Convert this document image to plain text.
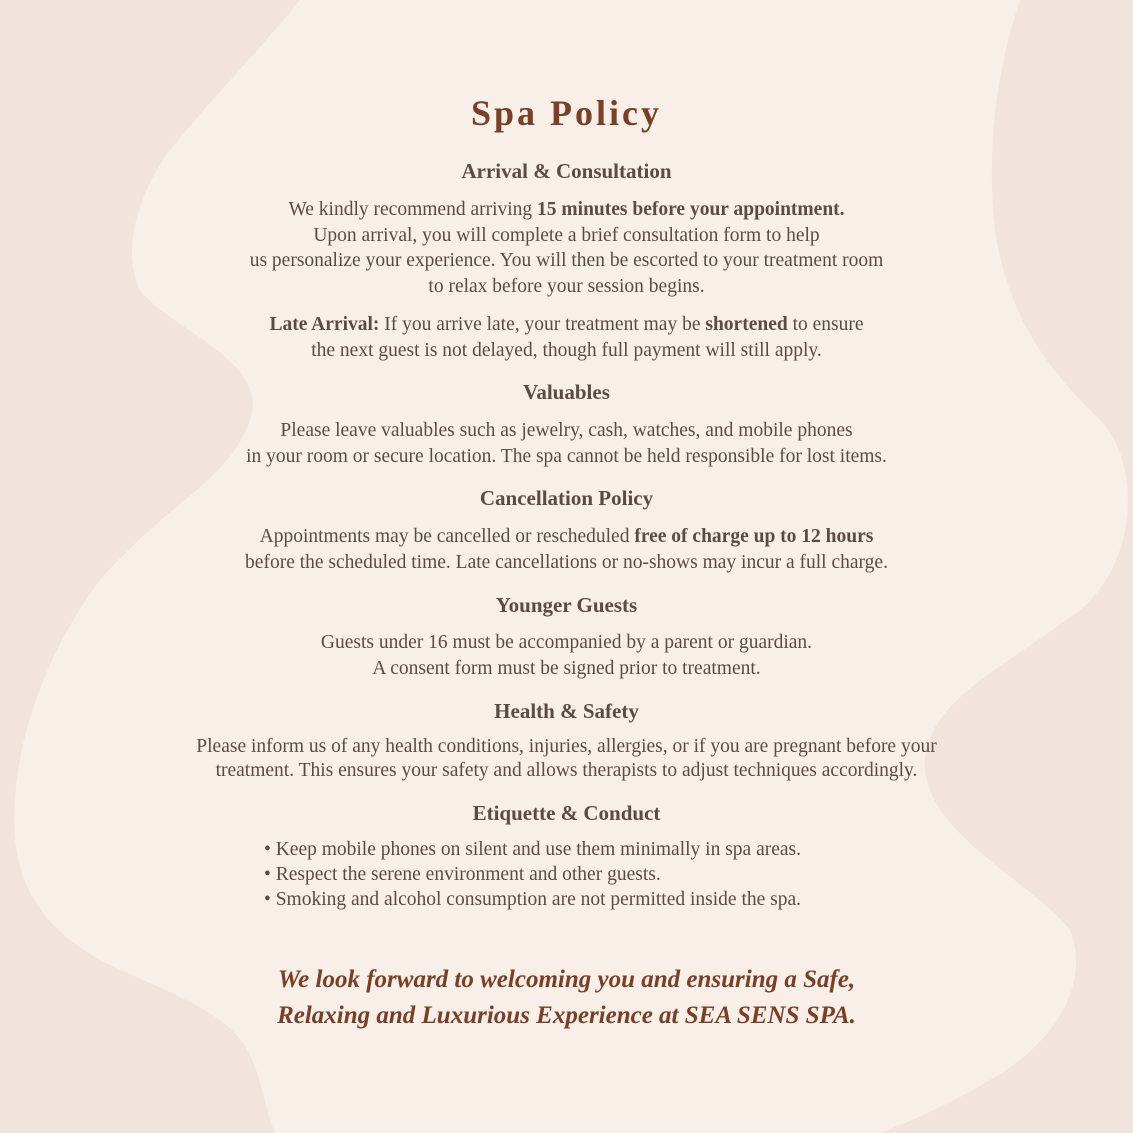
Spa Policy
Arrival & Consultation
We kindly recommend arriving 15 minutes before your appointment.
Upon arrival, you will complete a brief consultation form to help
us personalize your experience. You will then be escorted to your treatment room
to relax before your session begins.
Late Arrival: If you arrive late, your treatment may be shortened to ensure
the next guest is not delayed, though full payment will still apply.
Valuables
Please leave valuables such as jewelry, cash, watches, and mobile phones
in your room or secure location. The spa cannot be held responsible for lost items.
Cancellation Policy
Appointments may be cancelled or rescheduled free of charge up to 12 hours
before the scheduled time. Late cancellations or no-shows may incur a full charge.
Younger Guests
Guests under 16 must be accompanied by a parent or guardian.
A consent form must be signed prior to treatment.
Health & Safety
Please inform us of any health conditions, injuries, allergies, or if you are pregnant before your
treatment. This ensures your safety and allows therapists to adjust techniques accordingly.
Etiquette & Conduct
• Keep mobile phones on silent and use them minimally in spa areas.
• Respect the serene environment and other guests.
• Smoking and alcohol consumption are not permitted inside the spa.

We look forward to welcoming you and ensuring a Safe,
Relaxing and Luxurious Experience at SEA SENS SPA.
